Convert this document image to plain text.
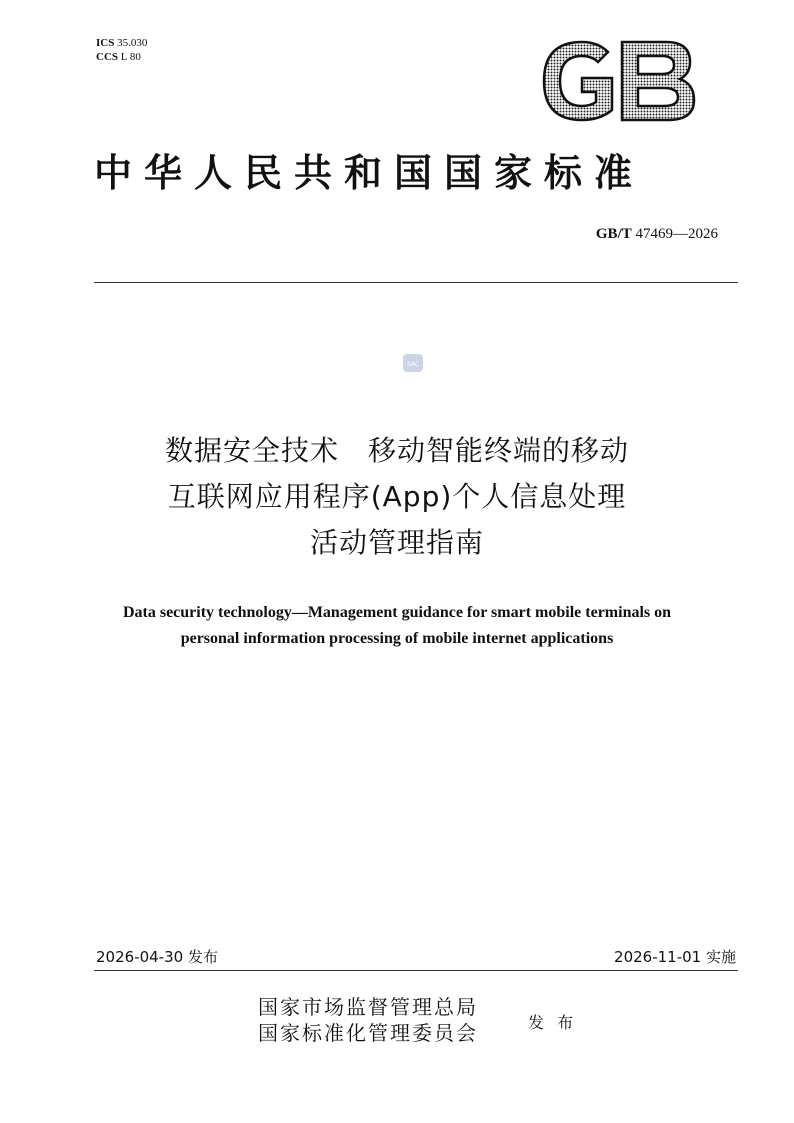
ICS 35.030
CCS L 80
中华人民共和国国家标准
GB/T 47469—2026
SAC
数据安全技术　移动智能终端的移动
互联网应用程序(App)个人信息处理
活动管理指南
Data security technology—Management guidance for smart mobile terminals on
personal information processing of mobile internet applications
2026-04-30 发布	2026-11-01 实施
国家市场监督管理总局
国家标准化管理委员会	发 布
